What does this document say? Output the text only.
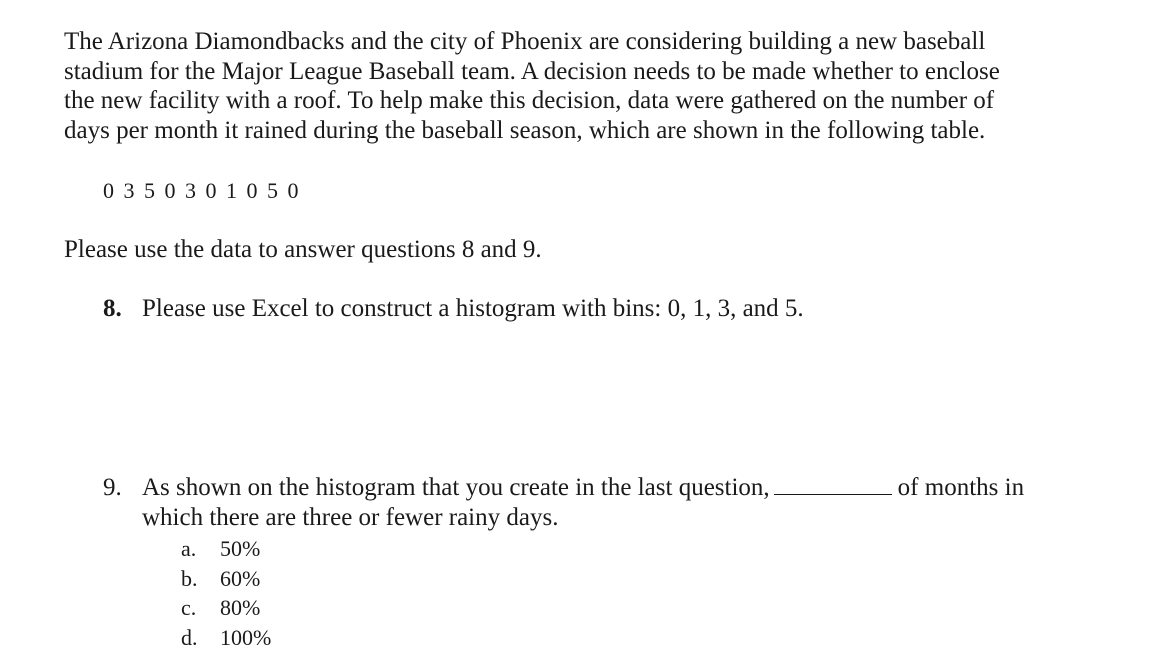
The Arizona Diamondbacks and the city of Phoenix are considering building a new baseball
stadium for the Major League Baseball team. A decision needs to be made whether to enclose
the new facility with a roof. To help make this decision, data were gathered on the number of
days per month it rained during the baseball season, which are shown in the following table.
0 3 5 0 3 0 1 0 5 0
Please use the data to answer questions 8 and 9.
8. Please use Excel to construct a histogram with bins: 0, 1, 3, and 5.
9. As shown on the histogram that you create in the last question,	of months in
which there are three or fewer rainy days.
a. 50%
b. 60%
c. 80%
d. 100%
